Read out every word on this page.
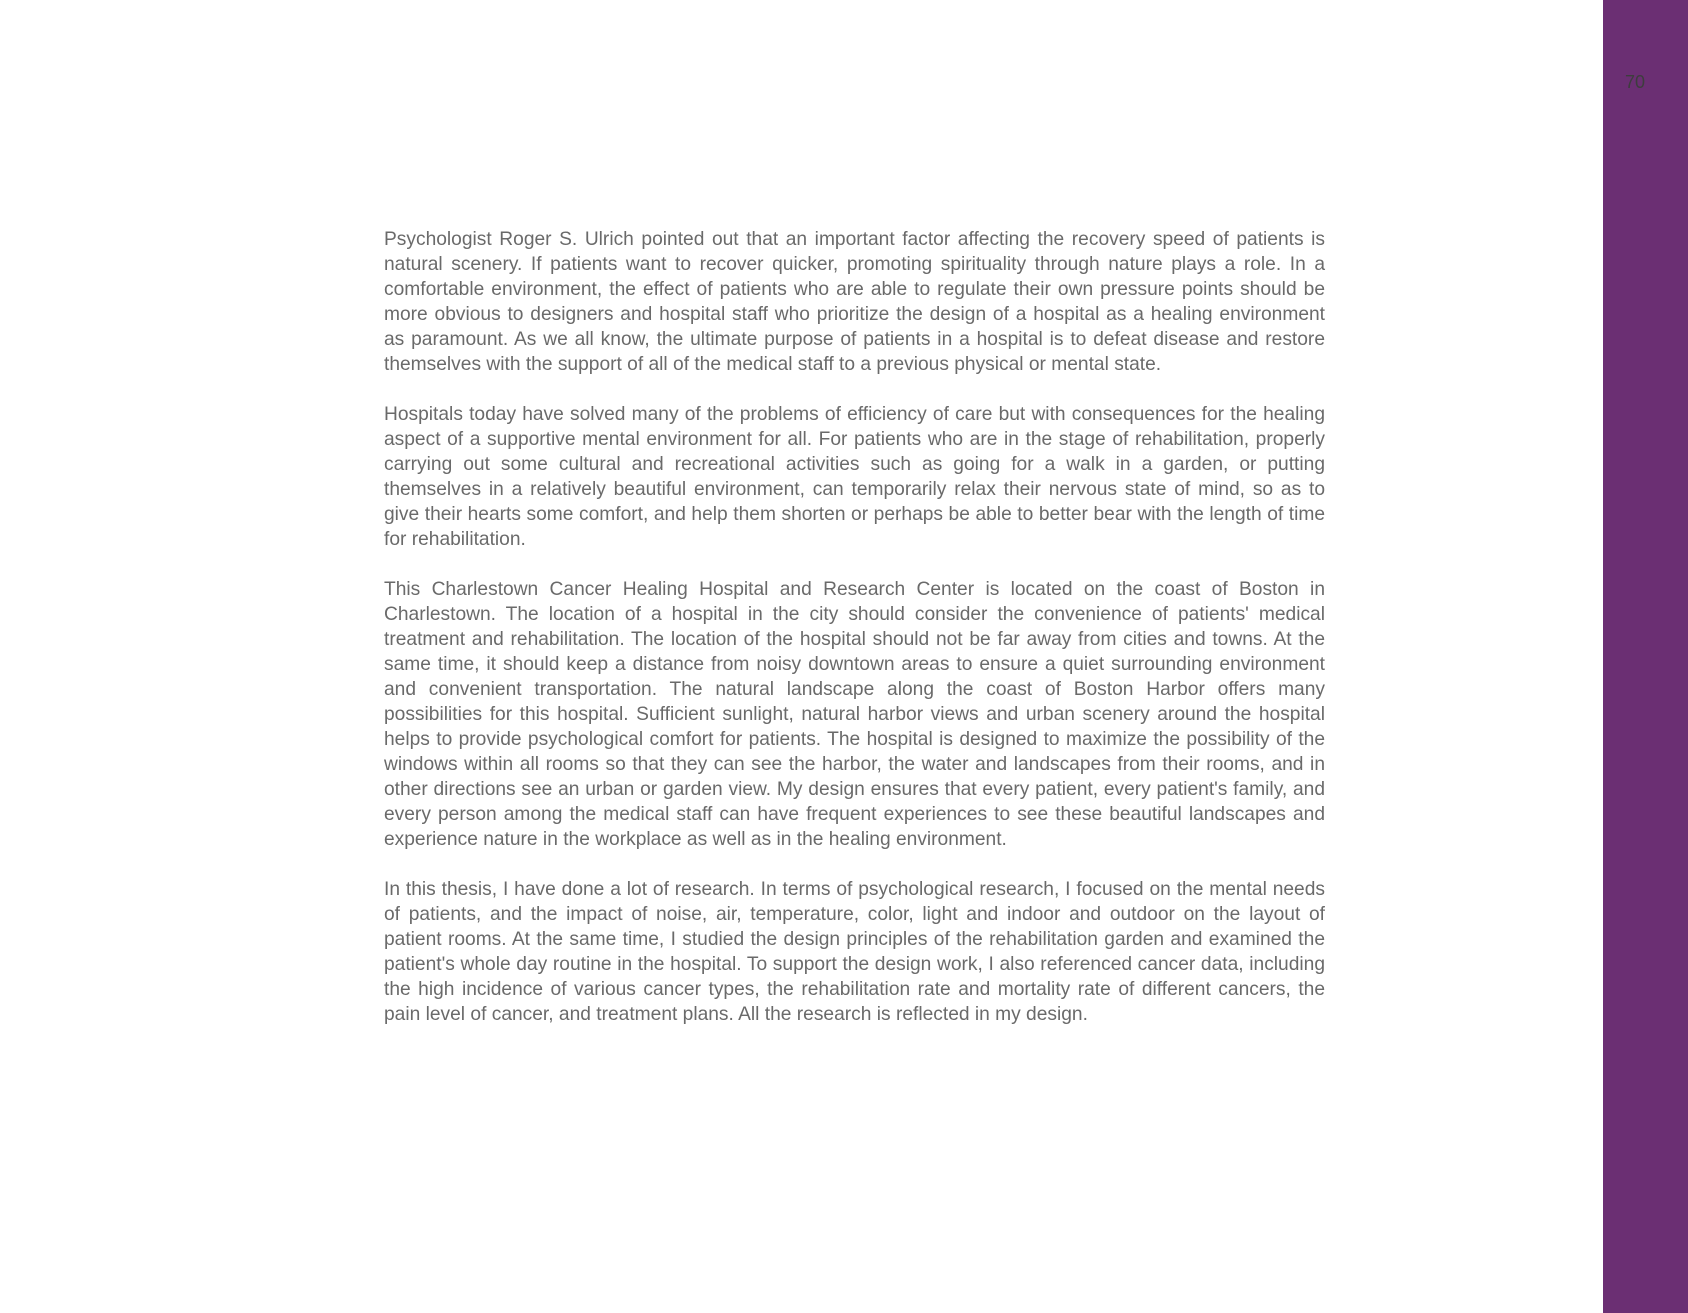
Psychologist Roger S. Ulrich pointed out that an important factor affecting the recovery speed of patients is natural scenery. If patients want to recover quicker, promoting spirituality through nature plays a role. In a comfortable environment, the effect of patients who are able to regulate their own pressure points should be more obvious to designers and hospital staff who prioritize the design of a hospital as a healing environment as paramount. As we all know, the ultimate purpose of patients in a hospital is to defeat disease and restore themselves with the support of all of the medical staff to a previous physical or mental state.

Hospitals today have solved many of the problems of efficiency of care but with consequences for the healing aspect of a supportive mental environment for all. For patients who are in the stage of rehabilitation, properly carrying out some cultural and recreational activities such as going for a walk in a garden, or putting themselves in a relatively beautiful environment, can temporarily relax their nervous state of mind, so as to give their hearts some comfort, and help them shorten or perhaps be able to better bear with the length of time for rehabilitation.

This Charlestown Cancer Healing Hospital and Research Center is located on the coast of Boston in Charlestown. The location of a hospital in the city should consider the convenience of patients' medical treatment and rehabilitation. The location of the hospital should not be far away from cities and towns. At the same time, it should keep a distance from noisy downtown areas to ensure a quiet surrounding environment and convenient transportation. The natural landscape along the coast of Boston Harbor offers many possibilities for this hospital. Sufficient sunlight, natural harbor views and urban scenery around the hospital helps to provide psychological comfort for patients. The hospital is designed to maximize the possibility of the windows within all rooms so that they can see the harbor, the water and landscapes from their rooms, and in other directions see an urban or garden view. My design ensures that every patient, every patient's family, and every person among the medical staff can have frequent experiences to see these beautiful landscapes and experience nature in the workplace as well as in the healing environment.

In this thesis, I have done a lot of research. In terms of psychological research, I focused on the mental needs of patients, and the impact of noise, air, temperature, color, light and indoor and outdoor on the layout of patient rooms. At the same time, I studied the design principles of the rehabilitation garden and examined the patient's whole day routine in the hospital. To support the design work, I also referenced cancer data, including the high incidence of various cancer types, the rehabilitation rate and mortality rate of different cancers, the pain level of cancer, and treatment plans. All the research is reflected in my design.

70
